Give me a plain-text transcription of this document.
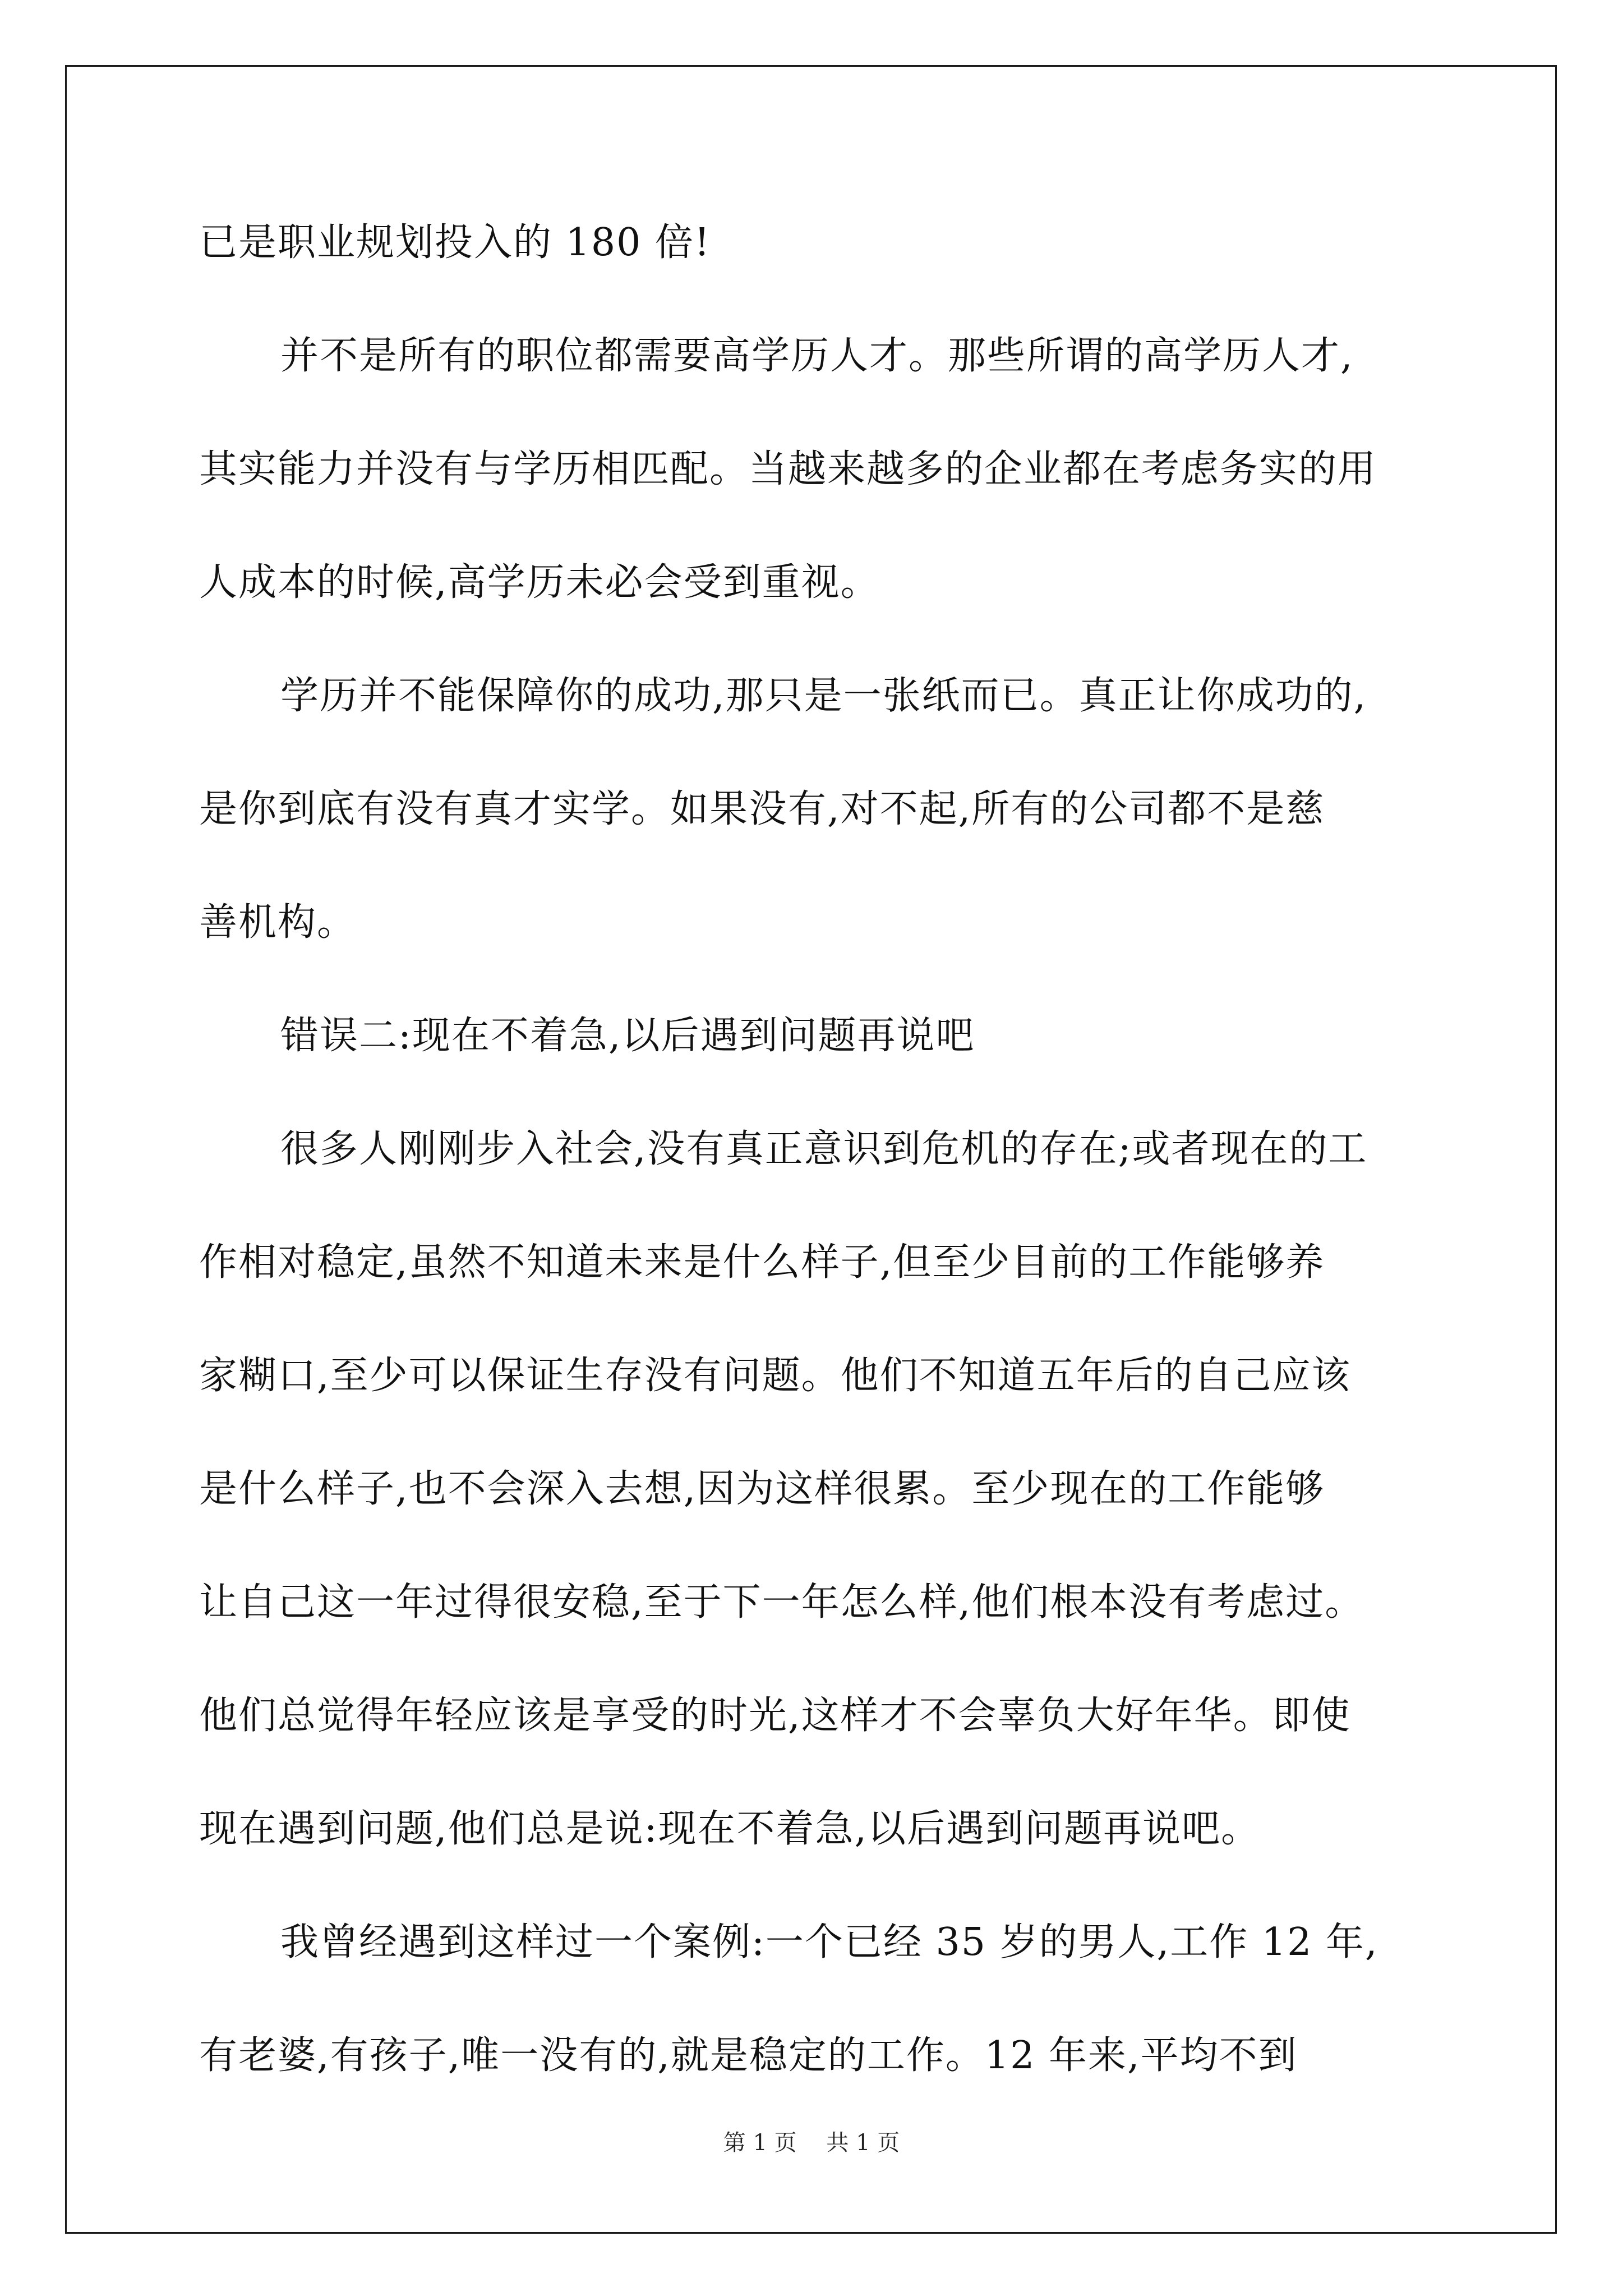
已是职业规划投入的 180 倍!
并不是所有的职位都需要高学历人才。那些所谓的高学历人才,
其实能力并没有与学历相匹配。当越来越多的企业都在考虑务实的用
人成本的时候,高学历未必会受到重视。
学历并不能保障你的成功,那只是一张纸而已。真正让你成功的,
是你到底有没有真才实学。如果没有,对不起,所有的公司都不是慈
善机构。
错误二:现在不着急,以后遇到问题再说吧
很多人刚刚步入社会,没有真正意识到危机的存在;或者现在的工
作相对稳定,虽然不知道未来是什么样子,但至少目前的工作能够养
家糊口,至少可以保证生存没有问题。他们不知道五年后的自己应该
是什么样子,也不会深入去想,因为这样很累。至少现在的工作能够
让自己这一年过得很安稳,至于下一年怎么样,他们根本没有考虑过。
他们总觉得年轻应该是享受的时光,这样才不会辜负大好年华。即使
现在遇到问题,他们总是说:现在不着急,以后遇到问题再说吧。
我曾经遇到这样过一个案例:一个已经 35 岁的男人,工作 12 年,
有老婆,有孩子,唯一没有的,就是稳定的工作。12 年来,平均不到
第 1 页 共 1 页
